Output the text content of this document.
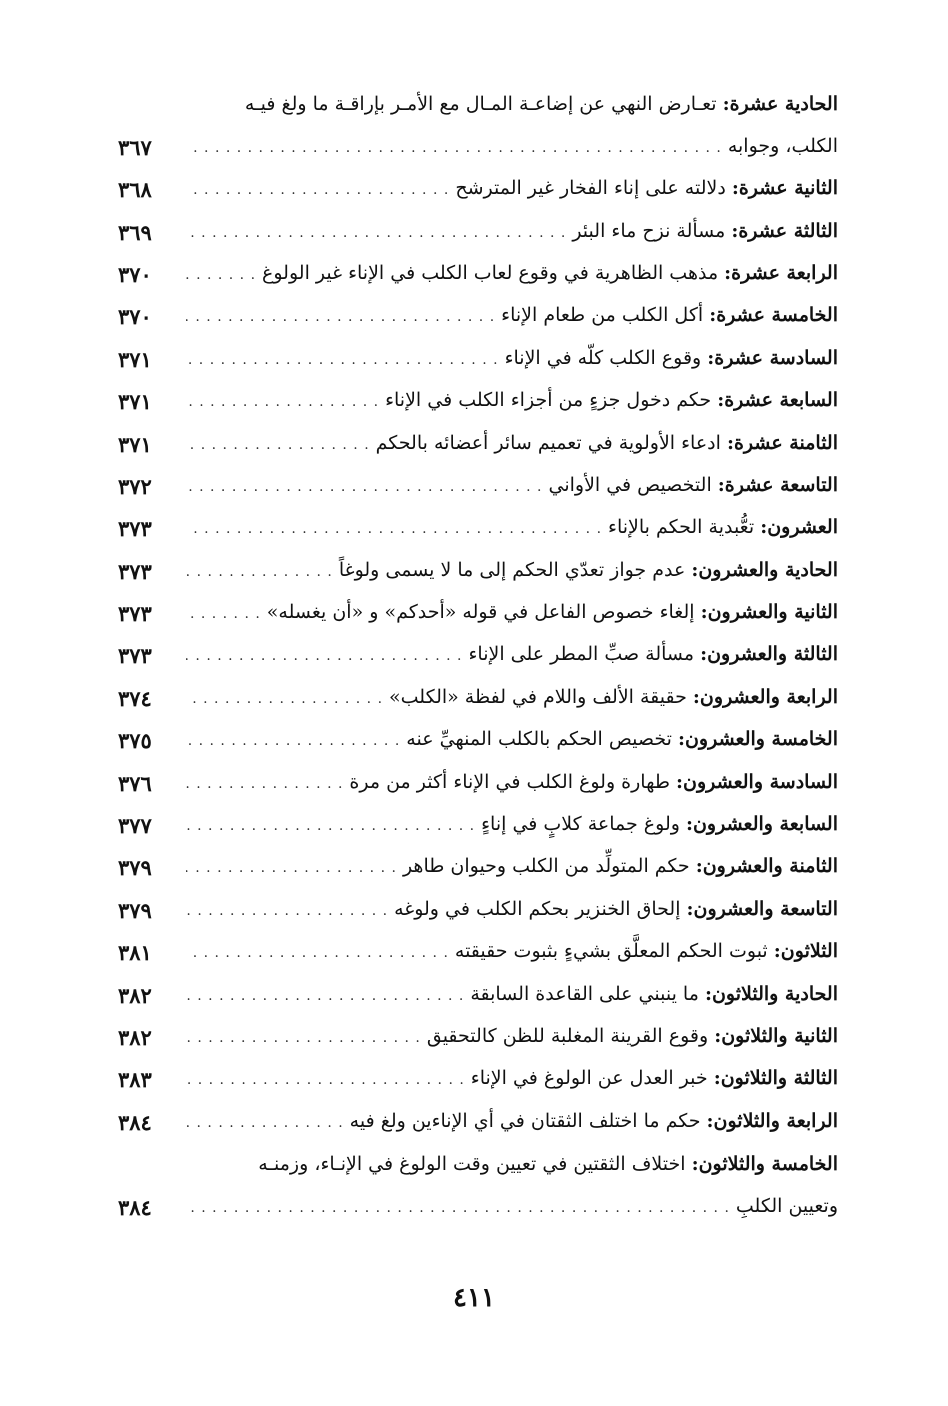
الحادية عشرة: تعـارض النهي عن إضاعـة المـال مع الأمـر بإراقـة ما ولغ فيـه
الكلب، وجوابه
. . .
٣٦٧
الثانية عشرة:

دلالته على إناء الفخار غير المترشح
. . .
٣٦٨
الثالثة عشرة:

مسألة نزح ماء البئر
. . .
٣٦٩
الرابعة عشرة:

مذهب الظاهرية في وقوع لعاب الكلب في الإناء غير الولوغ
. . .
٣٧٠
الخامسة عشرة:

أكل الكلب من طعام الإناء
. . .
٣٧٠
السادسة عشرة:

وقوع الكلب كلّه في الإناء
. . .
٣٧١
السابعة عشرة:

حكم دخول جزءٍ من أجزاء الكلب في الإناء
. . .
٣٧١
الثامنة عشرة:

ادعاء الأولوية في تعميم سائر أعضائه بالحكم
. . .
٣٧١
التاسعة عشرة:

التخصيص في الأواني
. . .
٣٧٢
العشرون:

تعُّبدية الحكم بالإناء
. . .
٣٧٣
الحادية والعشرون:

عدم جواز تعدّي الحكم إلى ما لا يسمى ولوغاً
. . .
٣٧٣
الثانية والعشرون:

إلغاء خصوص الفاعل في قوله «أحدكم» و «أن يغسله»
. . .
٣٧٣
الثالثة والعشرون:

مسألة صبِّ المطر على الإناء
. . .
٣٧٣
الرابعة والعشرون:

حقيقة الألف واللام في لفظة «الكلب»
. . .
٣٧٤
الخامسة والعشرون:

تخصيص الحكم بالكلب المنهيِّ عنه
. . .
٣٧٥
السادسة والعشرون:

طهارة ولوغ الكلب في الإناء أكثر من مرة
. . .
٣٧٦
السابعة والعشرون:

ولوغ جماعة كلابٍ في إناءٍ
. . .
٣٧٧
الثامنة والعشرون:

حكم المتولِّد من الكلب وحيوان طاهر
. . .
٣٧٩
التاسعة والعشرون:

إلحاق الخنزير بحكم الكلب في ولوغه
. . .
٣٧٩
الثلاثون:

ثبوت الحكم المعلَّق بشيءٍ بثبوت حقيقته
. . .
٣٨١
الحادية والثلاثون:

ما ينبني على القاعدة السابقة
. . .
٣٨٢
الثانية والثلاثون:

وقوع القرينة المغلبة للظن كالتحقيق
. . .
٣٨٢
الثالثة والثلاثون:

خبر العدل عن الولوغ في الإناء
. . .
٣٨٣
الرابعة والثلاثون:

حكم ما اختلف الثقتان في أي الإناءين ولغ فيه
. . .
٣٨٤
الخامسة والثلاثون: اختلاف الثقتين في تعيين وقت الولوغ في الإنـاء، وزمنـه
وتعيين الكلبِ
. . .
٣٨٤
٤١١
